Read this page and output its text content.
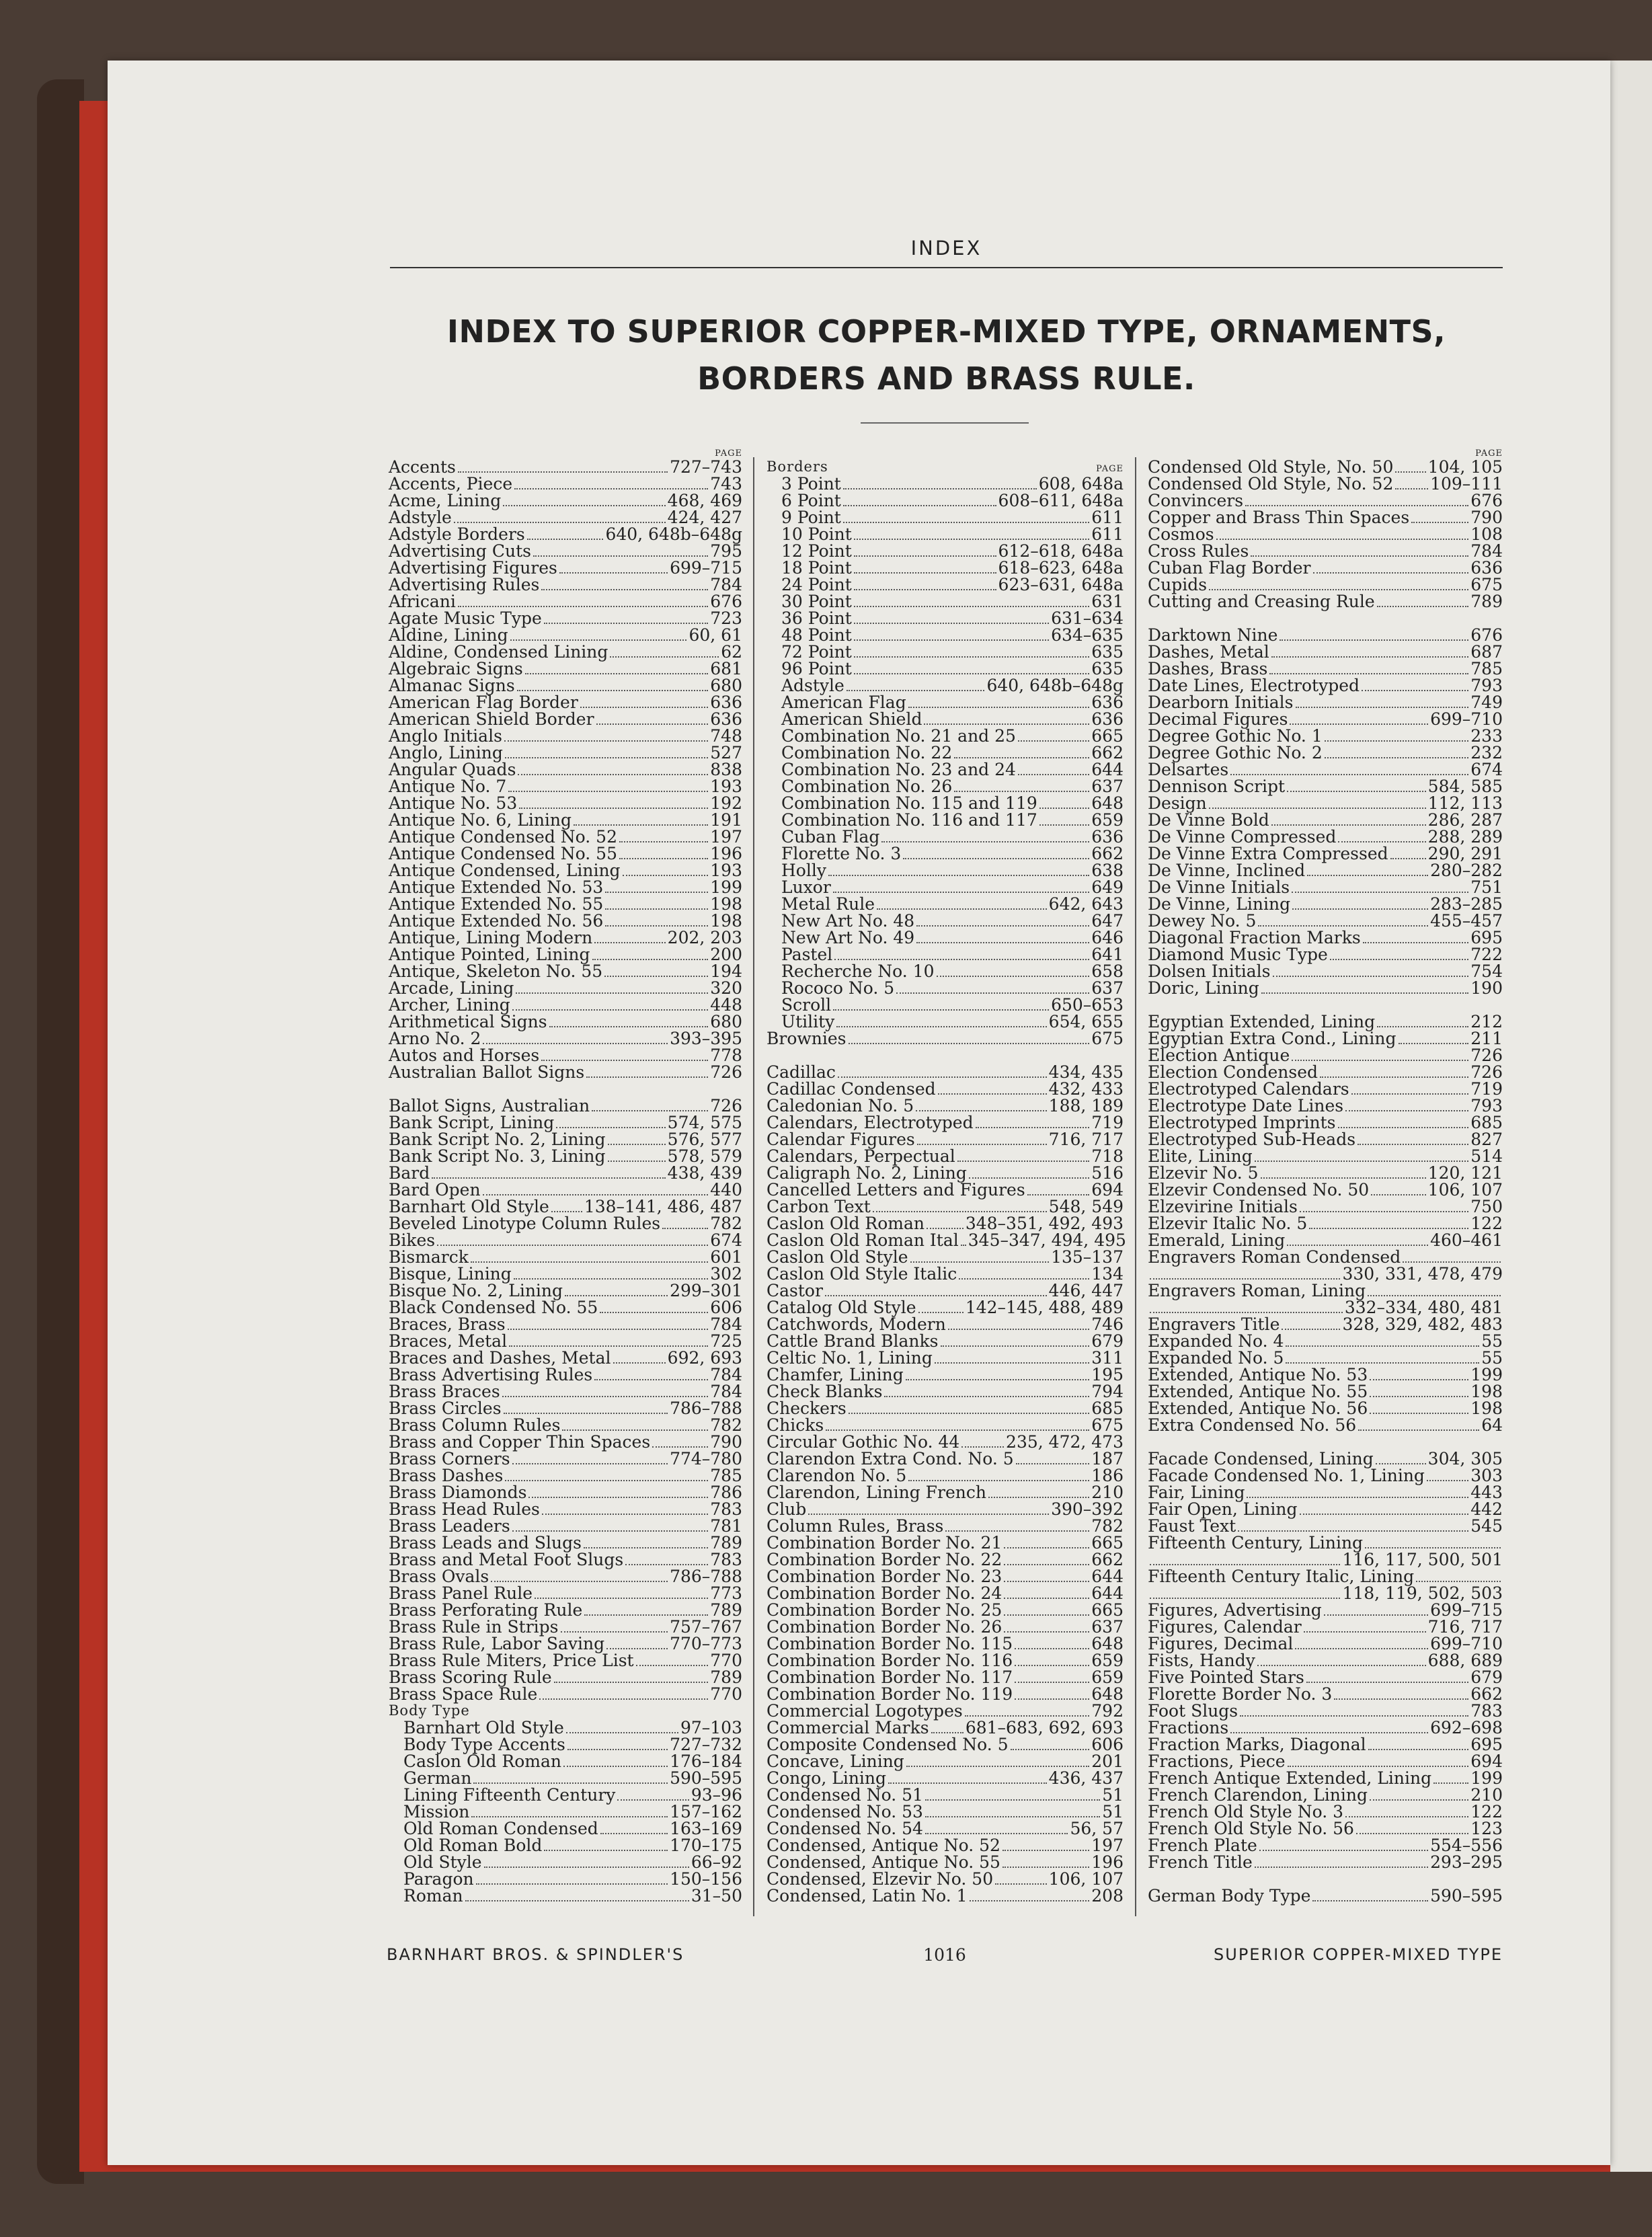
INDEX
INDEX TO SUPERIOR COPPER-MIXED TYPE, ORNAMENTS, BORDERS AND BRASS RULE.
PAGE
Accents	727–743
Accents, Piece	743
Acme, Lining	468, 469
Adstyle	424, 427
Adstyle Borders	640, 648b–648g
Advertising Cuts	795
Advertising Figures	699–715
Advertising Rules	784
Africani	676
Agate Music Type	723
Aldine, Lining	60, 61
Aldine, Condensed Lining	62
Algebraic Signs	681
Almanac Signs	680
American Flag Border	636
American Shield Border	636
Anglo Initials	748
Anglo, Lining	527
Angular Quads	838
Antique No. 7	193
Antique No. 53	192
Antique No. 6, Lining	191
Antique Condensed No. 52	197
Antique Condensed No. 55	196
Antique Condensed, Lining	193
Antique Extended No. 53	199
Antique Extended No. 55	198
Antique Extended No. 56	198
Antique, Lining Modern	202, 203
Antique Pointed, Lining	200
Antique, Skeleton No. 55	194
Arcade, Lining	320
Archer, Lining	448
Arithmetical Signs	680
Arno No. 2	393–395
Autos and Horses	778
Australian Ballot Signs	726
Ballot Signs, Australian	726
Bank Script, Lining	574, 575
Bank Script No. 2, Lining	576, 577
Bank Script No. 3, Lining	578, 579
Bard	438, 439
Bard Open	440
Barnhart Old Style 138–141, 486, 487
Beveled Linotype Column Rules	782
Bikes	674
Bismarck	601
Bisque, Lining	302
Bisque No. 2, Lining	299–301
Black Condensed No. 55	606
Braces, Brass	784
Braces, Metal	725
Braces and Dashes, Metal	692, 693
Brass Advertising Rules	784
Brass Braces	784
Brass Circles	786–788
Brass Column Rules	782
Brass and Copper Thin Spaces	790
Brass Corners	774–780
Brass Dashes	785
Brass Diamonds	786
Brass Head Rules	783
Brass Leaders	781
Brass Leads and Slugs	789
Brass and Metal Foot Slugs	783
Brass Ovals	786–788
Brass Panel Rule	773
Brass Perforating Rule	789
Brass Rule in Strips	757–767
Brass Rule, Labor Saving	770–773
Brass Rule Miters, Price List	770
Brass Scoring Rule	789
Brass Space Rule	770
Body Type
Barnhart Old Style	97–103
Body Type Accents	727–732
Caslon Old Roman	176–184
German	590–595
Lining Fifteenth Century	93–96
Mission	157–162
Old Roman Condensed	163–169
Old Roman Bold	170–175
Old Style	66–92
Paragon	150–156
Roman	31–50
Borders	PAGE
3 Point	608, 648a
6 Point	608–611, 648a
9 Point	611
10 Point	611
12 Point	612–618, 648a
18 Point	618–623, 648a
24 Point	623–631, 648a
30 Point	631
36 Point	631–634
48 Point	634–635
72 Point	635
96 Point	635
Adstyle	640, 648b–648g
American Flag	636
American Shield	636
Combination No. 21 and 25	665
Combination No. 22	662
Combination No. 23 and 24	644
Combination No. 26	637
Combination No. 115 and 119	648
Combination No. 116 and 117	659
Cuban Flag	636
Florette No. 3	662
Holly	638
Luxor	649
Metal Rule	642, 643
New Art No. 48	647
New Art No. 49	646
Pastel	641
Recherche No. 10	658
Rococo No. 5	637
Scroll	650–653
Utility	654, 655
Brownies	675
Cadillac	434, 435
Cadillac Condensed	432, 433
Caledonian No. 5	188, 189
Calendars, Electrotyped	719
Calendar Figures	716, 717
Calendars, Perpectual	718
Caligraph No. 2, Lining	516
Cancelled Letters and Figures	694
Carbon Text	548, 549
Caslon Old Roman 348–351, 492, 493
Caslon Old Roman Ital 345–347, 494, 495
Caslon Old Style	135–137
Caslon Old Style Italic	134
Castor	446, 447
Catalog Old Style	142–145, 488, 489
Catchwords, Modern	746
Cattle Brand Blanks	679
Celtic No. 1, Lining	311
Chamfer, Lining	195
Check Blanks	794
Checkers	685
Chicks	675
Circular Gothic No. 44	235, 472, 473
Clarendon Extra Cond. No. 5	187
Clarendon No. 5	186
Clarendon, Lining French	210
Club	390–392
Column Rules, Brass	782
Combination Border No. 21	665
Combination Border No. 22	662
Combination Border No. 23	644
Combination Border No. 24	644
Combination Border No. 25	665
Combination Border No. 26	637
Combination Border No. 115	648
Combination Border No. 116	659
Combination Border No. 117	659
Combination Border No. 119	648
Commercial Logotypes	792
Commercial Marks 681–683, 692, 693
Composite Condensed No. 5	606
Concave, Lining	201
Congo, Lining	436, 437
Condensed No. 51	51
Condensed No. 53	51
Condensed No. 54	56, 57
Condensed, Antique No. 52	197
Condensed, Antique No. 55	196
Condensed, Elzevir No. 50	106, 107
Condensed, Latin No. 1	208
PAGE
Condensed Old Style, No. 50 104, 105
Condensed Old Style, No. 52 109–111
Convincers	676
Copper and Brass Thin Spaces	790
Cosmos	108
Cross Rules	784
Cuban Flag Border	636
Cupids	675
Cutting and Creasing Rule	789
Darktown Nine	676
Dashes, Metal	687
Dashes, Brass	785
Date Lines, Electrotyped	793
Dearborn Initials	749
Decimal Figures	699–710
Degree Gothic No. 1	233
Degree Gothic No. 2	232
Delsartes	674
Dennison Script	584, 585
Design	112, 113
De Vinne Bold	286, 287
De Vinne Compressed	288, 289
De Vinne Extra Compressed 290, 291
De Vinne, Inclined	280–282
De Vinne Initials	751
De Vinne, Lining	283–285
Dewey No. 5	455–457
Diagonal Fraction Marks	695
Diamond Music Type	722
Dolsen Initials	754
Doric, Lining	190
Egyptian Extended, Lining	212
Egyptian Extra Cond., Lining	211
Election Antique	726
Election Condensed	726
Electrotyped Calendars	719
Electrotype Date Lines	793
Electrotyped Imprints	685
Electrotyped Sub-Heads	827
Elite, Lining	514
Elzevir No. 5	120, 121
Elzevir Condensed No. 50	106, 107
Elzevirine Initials	750
Elzevir Italic No. 5	122
Emerald, Lining	460–461
Engravers Roman Condensed
330, 331, 478, 479
Engravers Roman, Lining
332–334, 480, 481
Engravers Title	328, 329, 482, 483
Expanded No. 4	55
Expanded No. 5	55
Extended, Antique No. 53	199
Extended, Antique No. 55	198
Extended, Antique No. 56	198
Extra Condensed No. 56	64
Facade Condensed, Lining	304, 305
Facade Condensed No. 1, Lining	303
Fair, Lining	443
Fair Open, Lining	442
Faust Text	545
Fifteenth Century, Lining
116, 117, 500, 501
Fifteenth Century Italic, Lining
118, 119, 502, 503
Figures, Advertising	699–715
Figures, Calendar	716, 717
Figures, Decimal	699–710
Fists, Handy	688, 689
Five Pointed Stars	679
Florette Border No. 3	662
Foot Slugs	783
Fractions	692–698
Fraction Marks, Diagonal	695
Fractions, Piece	694
French Antique Extended, Lining 199
French Clarendon, Lining	210
French Old Style No. 3	122
French Old Style No. 56	123
French Plate	554–556
French Title	293–295
German Body Type	590–595
BARNHART BROS. & SPINDLER'S	1016	SUPERIOR COPPER-MIXED TYPE
